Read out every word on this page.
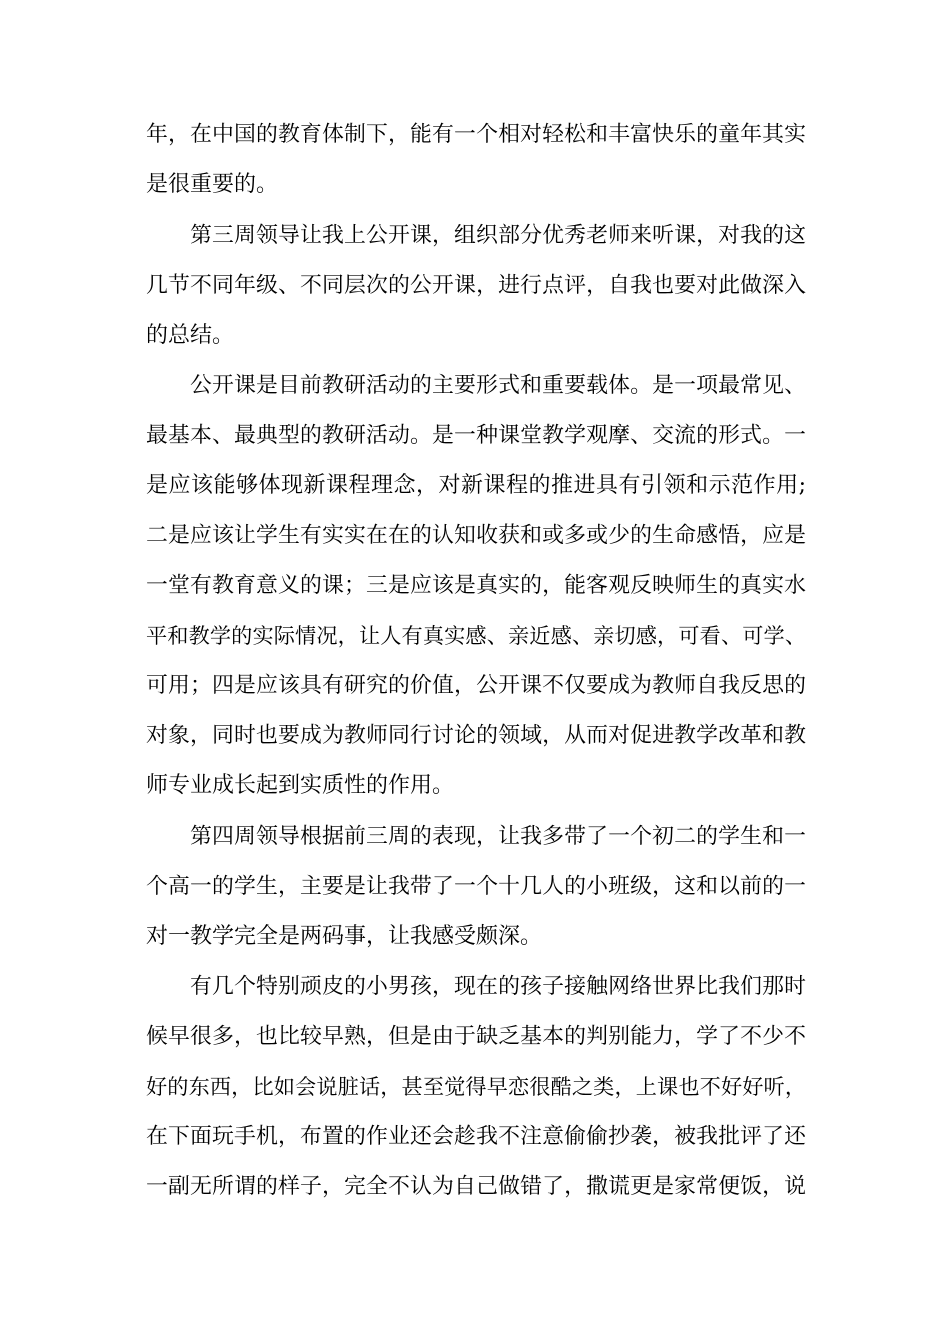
年，在中国的教育体制下，能有一个相对轻松和丰富快乐的童年其实
是很重要的。
第三周领导让我上公开课，组织部分优秀老师来听课，对我的这
几节不同年级、不同层次的公开课，进行点评，自我也要对此做深入
的总结。
公开课是目前教研活动的主要形式和重要载体。是一项最常见、
最基本、最典型的教研活动。是一种课堂教学观摩、交流的形式。一
是应该能够体现新课程理念，对新课程的推进具有引领和示范作用;
二是应该让学生有实实在在的认知收获和或多或少的生命感悟，应是
一堂有教育意义的课；三是应该是真实的，能客观反映师生的真实水
平和教学的实际情况，让人有真实感、亲近感、亲切感，可看、可学、
可用；四是应该具有研究的价值，公开课不仅要成为教师自我反思的
对象，同时也要成为教师同行讨论的领域，从而对促进教学改革和教
师专业成长起到实质性的作用。
第四周领导根据前三周的表现，让我多带了一个初二的学生和一
个高一的学生，主要是让我带了一个十几人的小班级，这和以前的一
对一教学完全是两码事，让我感受颇深。
有几个特别顽皮的小男孩，现在的孩子接触网络世界比我们那时
候早很多，也比较早熟，但是由于缺乏基本的判别能力，学了不少不
好的东西，比如会说脏话，甚至觉得早恋很酷之类，上课也不好好听，
在下面玩手机，布置的作业还会趁我不注意偷偷抄袭，被我批评了还
一副无所谓的样子，完全不认为自己做错了，撒谎更是家常便饭，说
